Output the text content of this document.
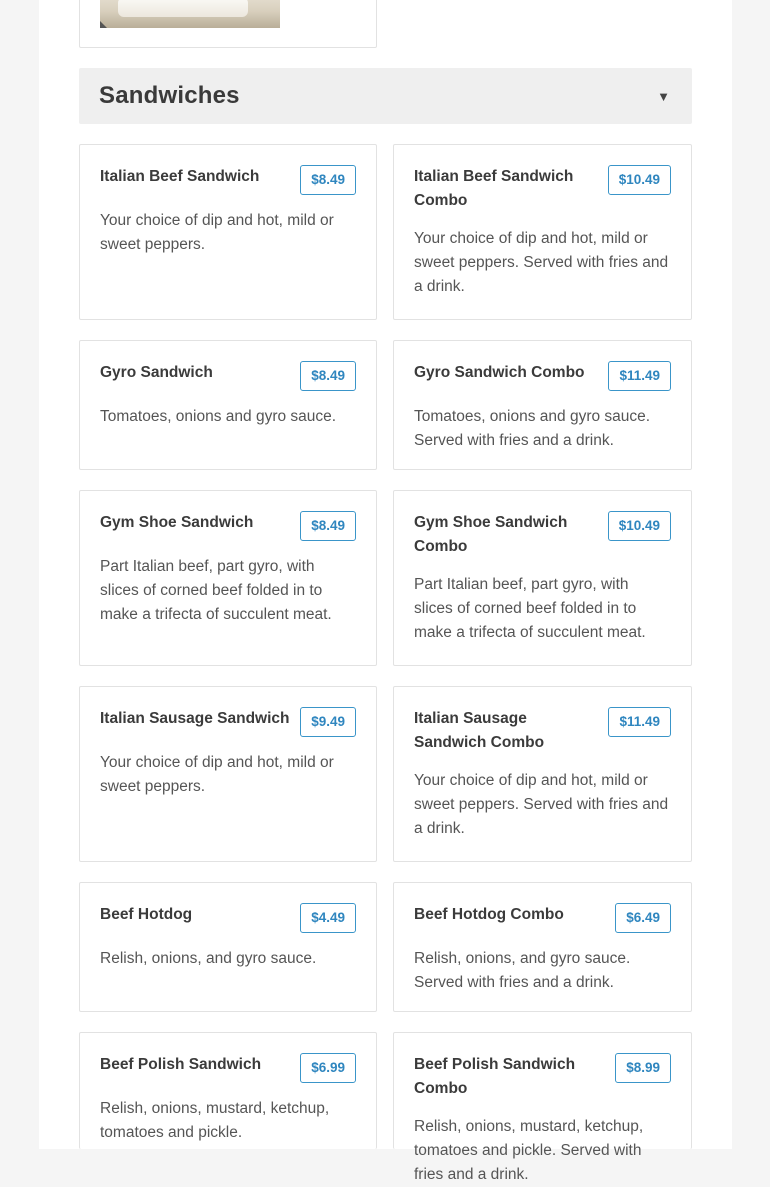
Sandwiches	▼
Italian Beef Sandwich	$8.49
Your choice of dip and hot, mild or sweet peppers.
Italian Beef Sandwich Combo
$10.49
Your choice of dip and hot, mild or sweet peppers. Served with fries and a drink.
Gyro Sandwich	$8.49
Tomatoes, onions and gyro sauce.
Gyro Sandwich Combo	$11.49
Tomatoes, onions and gyro sauce. Served with fries and a drink.
Gym Shoe Sandwich	$8.49
Part Italian beef, part gyro, with slices of corned beef folded in to make a trifecta of succulent meat.
Gym Shoe Sandwich Combo
$10.49
Part Italian beef, part gyro, with slices of corned beef folded in to make a trifecta of succulent meat.
Italian Sausage Sandwich	$9.49
Your choice of dip and hot, mild or sweet peppers.
Italian Sausage Sandwich Combo
$11.49
Your choice of dip and hot, mild or sweet peppers. Served with fries and a drink.
Beef Hotdog	$4.49
Relish, onions, and gyro sauce.
Beef Hotdog Combo	$6.49
Relish, onions, and gyro sauce. Served with fries and a drink.
Beef Polish Sandwich	$6.99
Relish, onions, mustard, ketchup, tomatoes and pickle.
Beef Polish Sandwich Combo
$8.99
Relish, onions, mustard, ketchup, tomatoes and pickle. Served with fries and a drink.
